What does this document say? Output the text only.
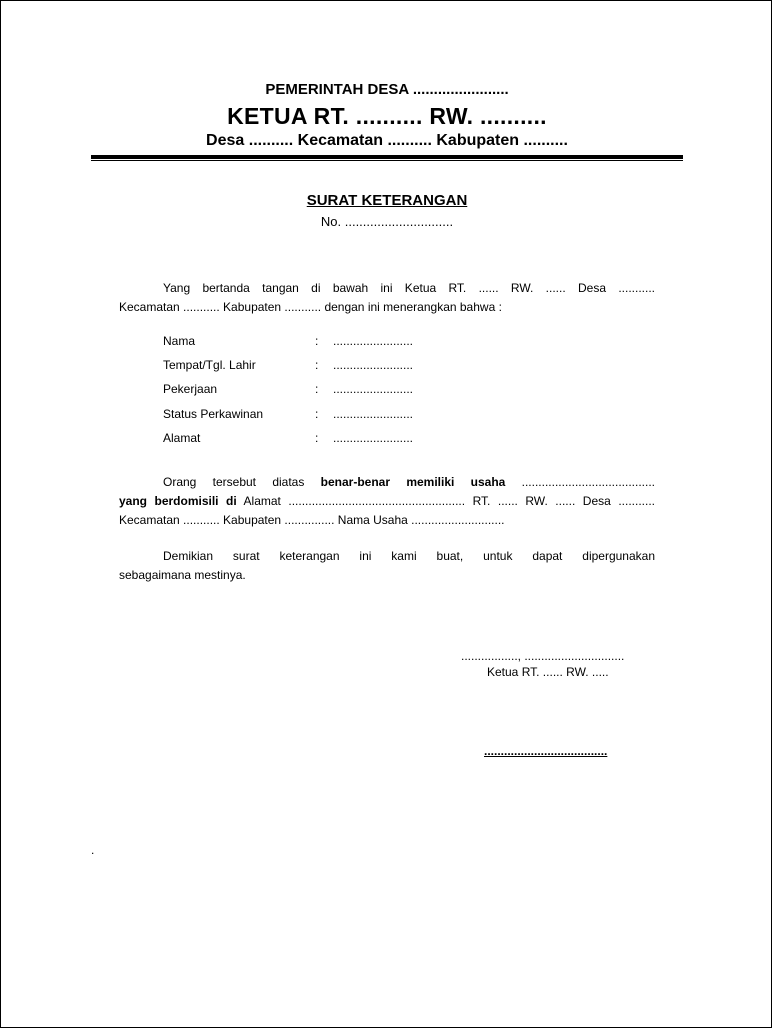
PEMERINTAH DESA .......................
KETUA RT. .......... RW. ..........
Desa .......... Kecamatan .......... Kabupaten ..........
SURAT KETERANGAN
No. ..............................
Yang bertanda tangan di bawah ini Ketua RT. ...... RW. ...... Desa ...........
Kecamatan ........... Kabupaten ........... dengan ini menerangkan bahwa :
Nama	: ........................
Tempat/Tgl. Lahir	: ........................
Pekerjaan	: ........................
Status Perkawinan	: ........................
Alamat	: ........................
Orang tersebut diatas benar-benar memiliki usaha ........................................
yang berdomisili di Alamat ..................................................... RT. ...... RW. ...... Desa ...........
Kecamatan ........... Kabupaten ............... Nama Usaha ............................
Demikian surat keterangan ini kami buat, untuk dapat dipergunakan
sebagaimana mestinya.
................., ..............................
Ketua RT. ...... RW. .....
.....................................
.
